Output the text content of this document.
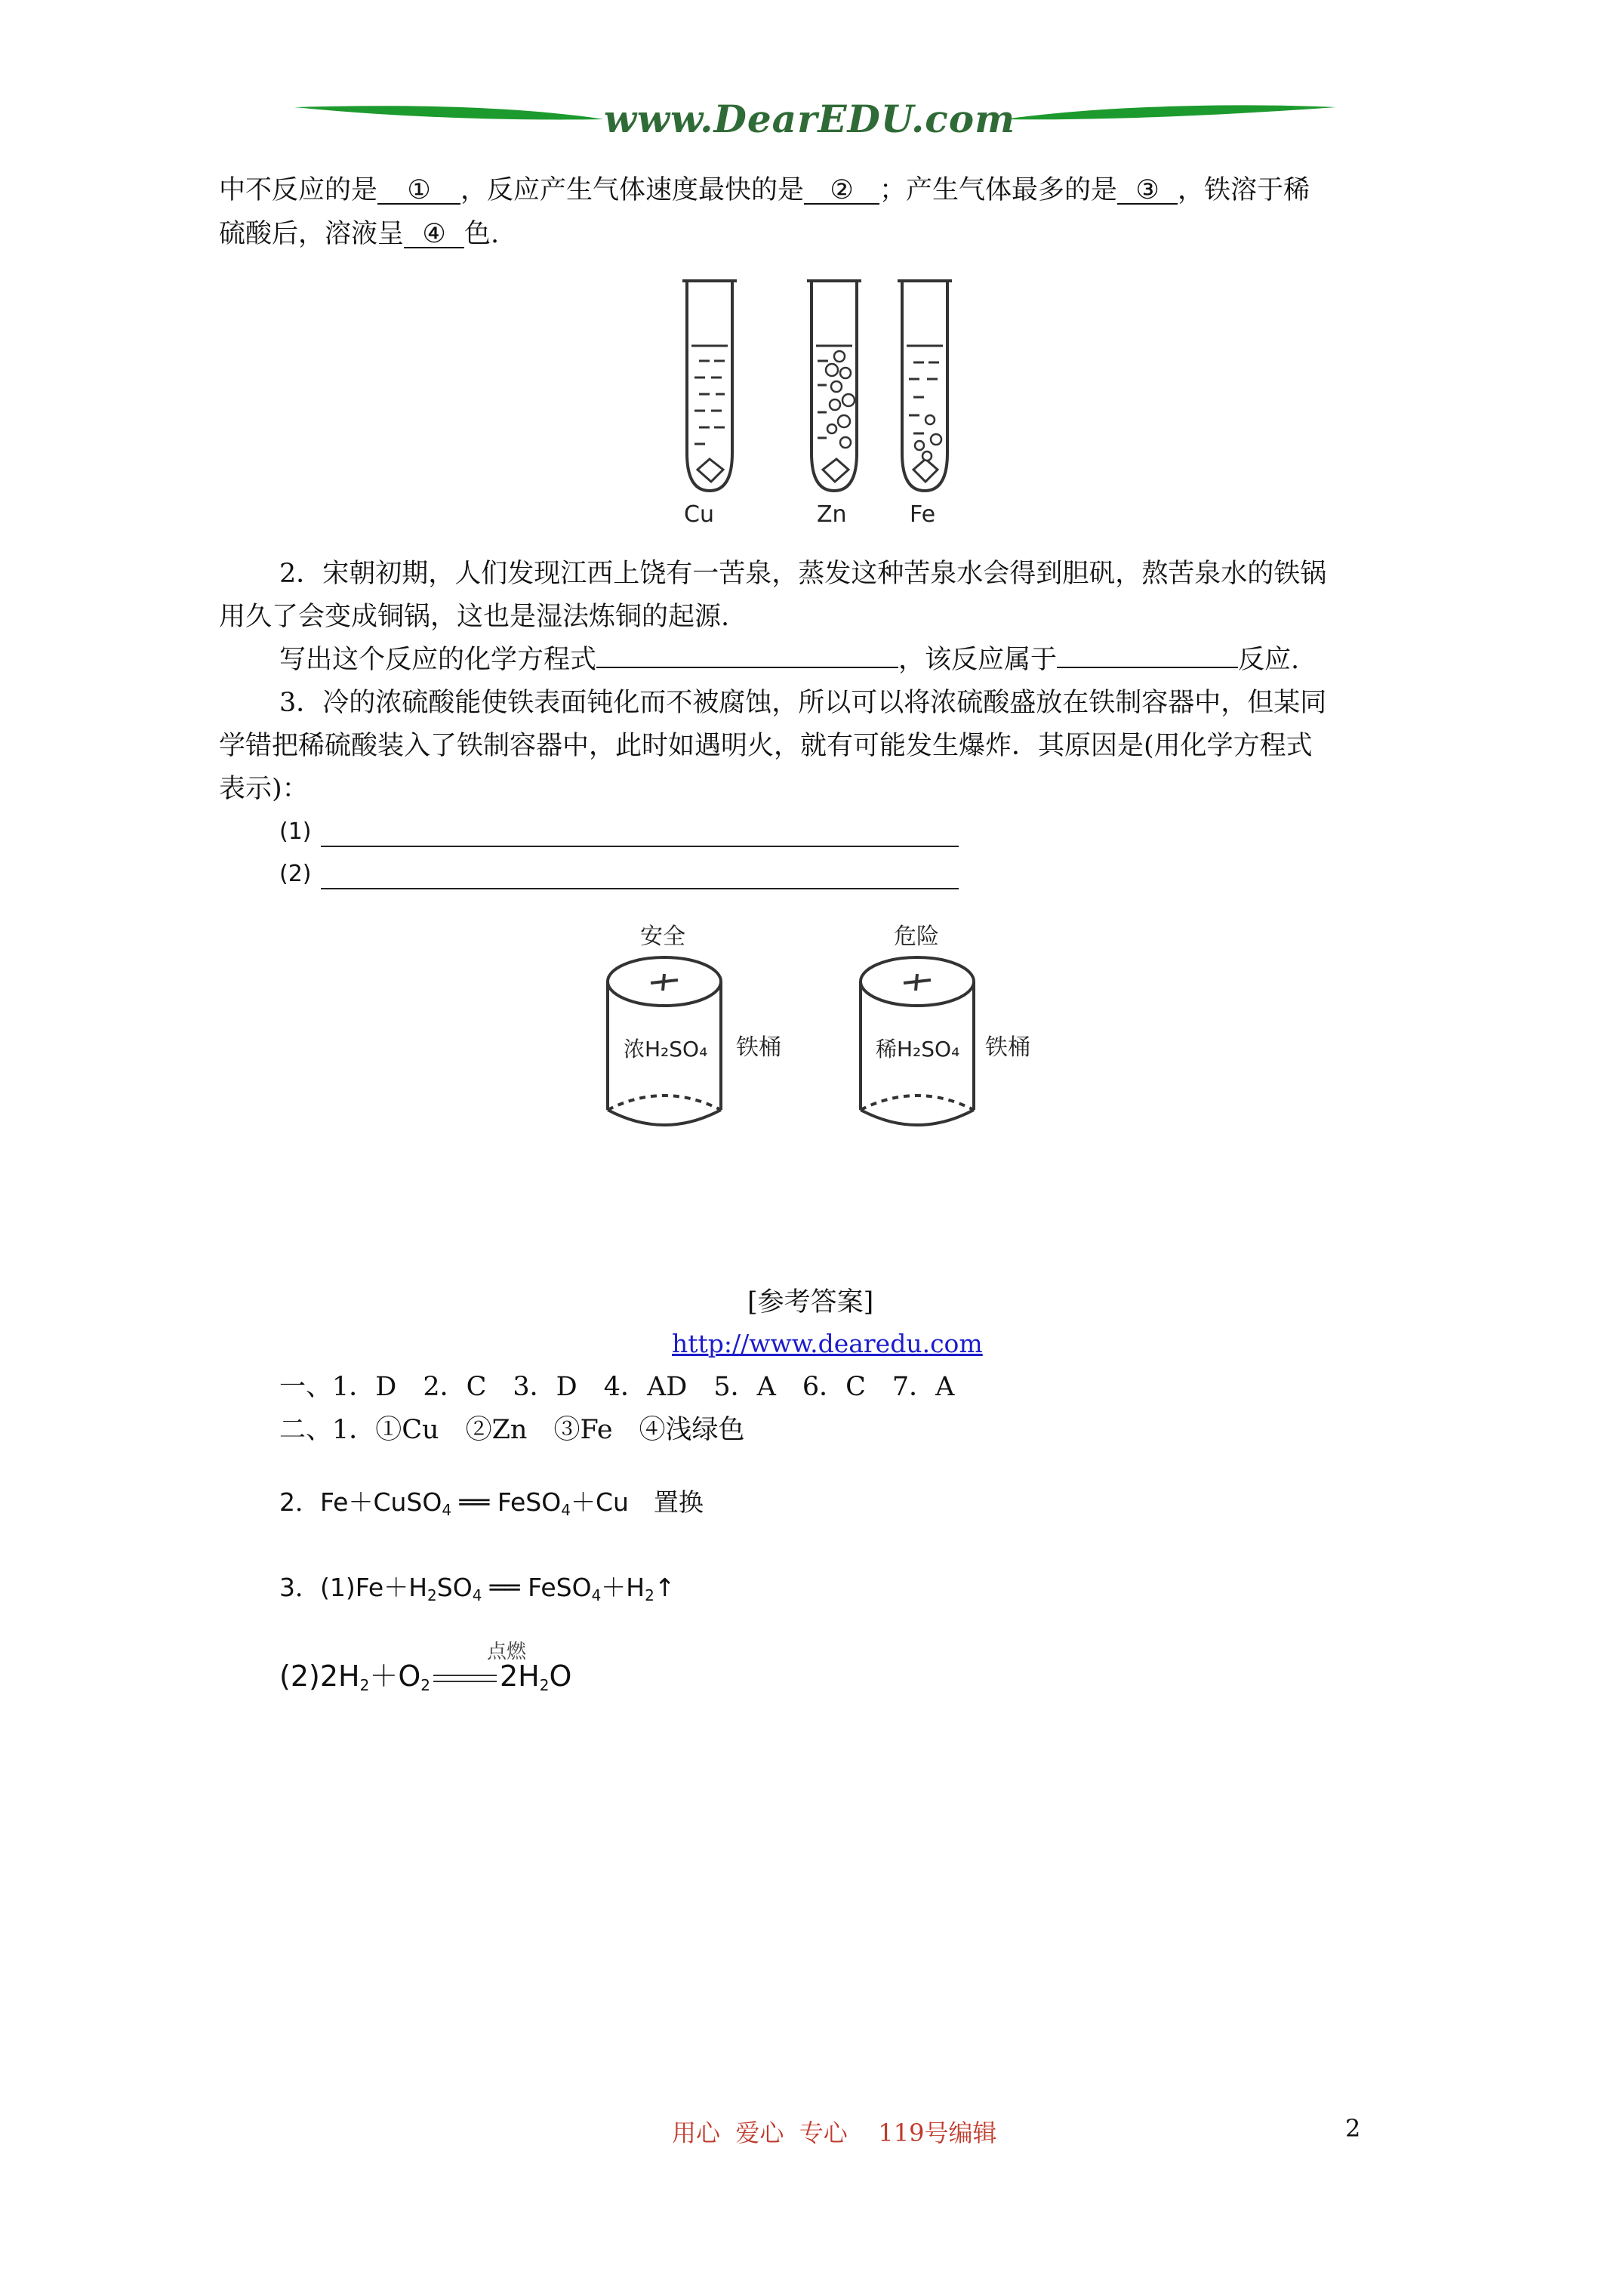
www.DearEDU.com
中不反应的是 ① ，反应产生气体速度最快的是 ② ；产生气体最多的是 ③ ，铁溶于稀
硫酸后，溶液呈 ④ 色.
Cu	Zn	Fe
2．宋朝初期，人们发现江西上饶有一苦泉，蒸发这种苦泉水会得到胆矾，熬苦泉水的铁锅
用久了会变成铜锅，这也是湿法炼铜的起源.
写出这个反应的化学方程式	，该反应属于	反应.
3．冷的浓硫酸能使铁表面钝化而不被腐蚀，所以可以将浓硫酸盛放在铁制容器中，但某同
学错把稀硫酸装入了铁制容器中，此时如遇明火，就有可能发生爆炸．其原因是(用化学方程式
表示)：
(1)
(2)
安全	危险
浓H₂SO₄	稀H₂SO₄
铁桶	铁桶
[参考答案]
http://www.dearedu.com
一、1．D　2．C　3．D　4．AD　5．A　6．C　7．A
二、1．①Cu　②Zn　③Fe　④浅绿色
2．Fe＋CuSO$_4$ ══ FeSO$_4$＋Cu　置换
3．$(1)Fe+H_2SO_4$ ══ $FeSO_4+H_2↑$
点燃
$(2)2H_2+O_2$ $2H_2O$
用心  爱心  专心    119号编辑	2
